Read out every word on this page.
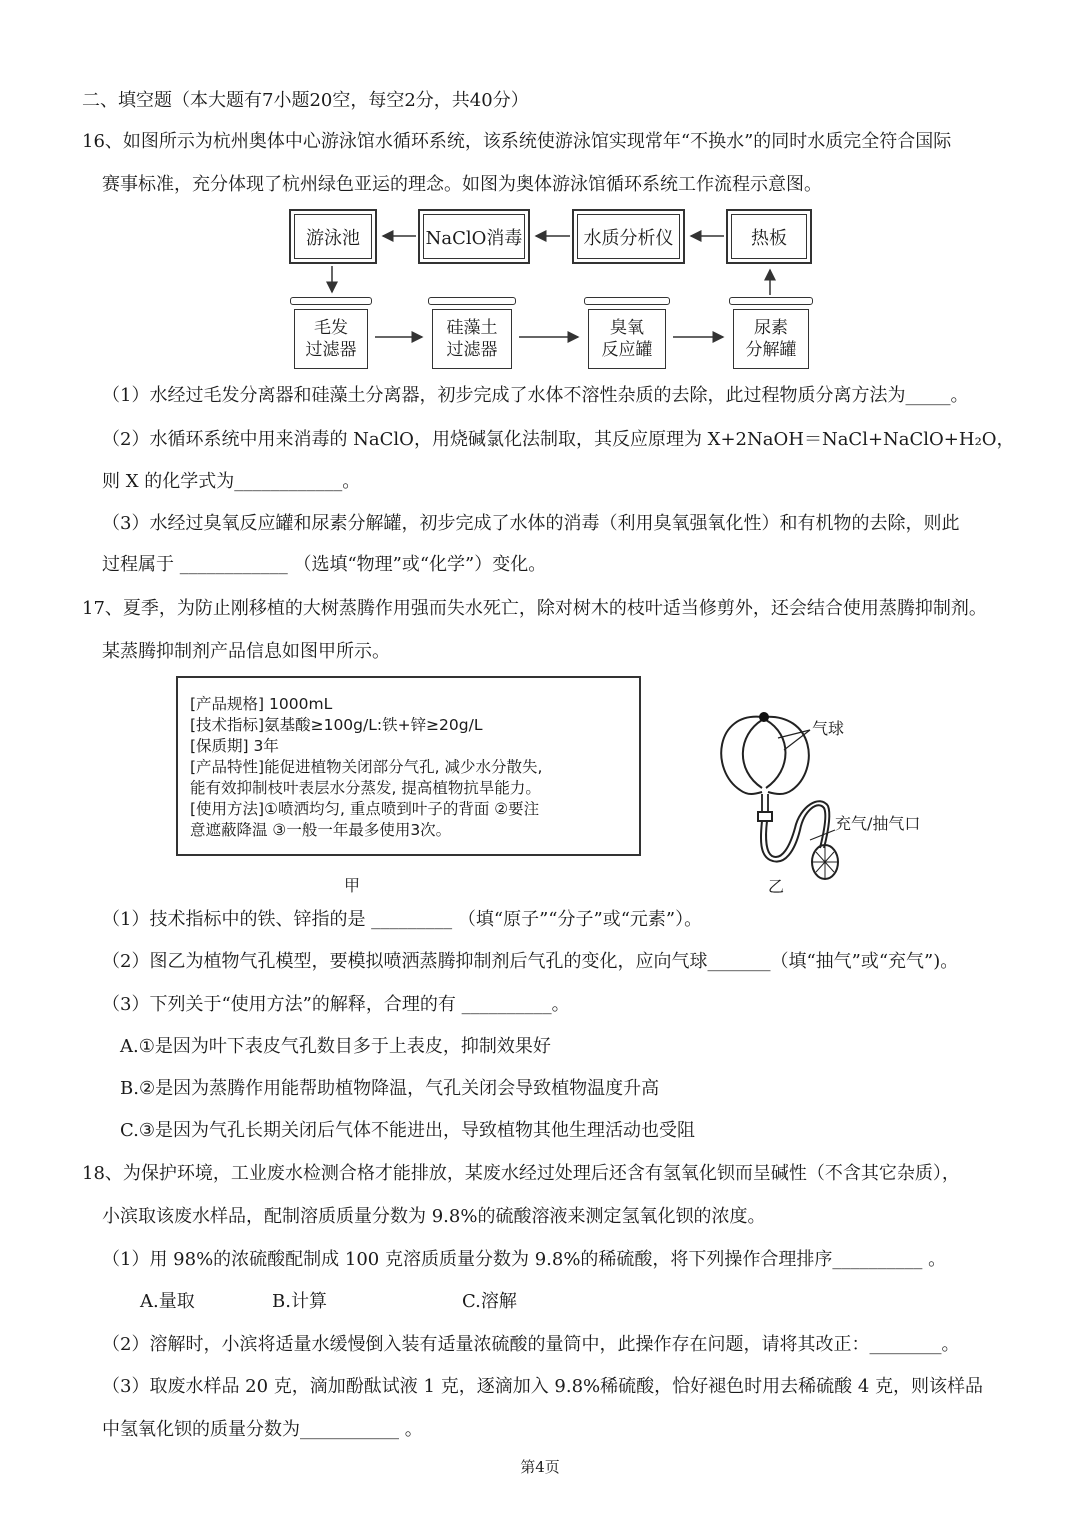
二、填空题（本大题有7小题20空，每空2分，共40分）
16、如图所示为杭州奥体中心游泳馆水循环系统，该系统使游泳馆实现常年“不换水”的同时水质完全符合国际
赛事标准，充分体现了杭州绿色亚运的理念。如图为奥体游泳馆循环系统工作流程示意图。
游泳池	NaClO消毒	水质分析仪	热板
毛发
过滤器
硅藻土
过滤器
臭氧
反应罐
尿素
分解罐
（1）水经过毛发分离器和硅藻土分离器，初步完成了水体不溶性杂质的去除，此过程物质分离方法为_____。
（2）水循环系统中用来消毒的 NaClO，用烧碱氯化法制取，其反应原理为 X+2NaOH＝NaCl+NaClO+H₂O，
则 X 的化学式为____________。
（3）水经过臭氧反应罐和尿素分解罐，初步完成了水体的消毒（利用臭氧强氧化性）和有机物的去除，则此
过程属于 ____________ （选填“物理”或“化学”）变化。
17、夏季，为防止刚移植的大树蒸腾作用强而失水死亡，除对树木的枝叶适当修剪外，还会结合使用蒸腾抑制剂。
某蒸腾抑制剂产品信息如图甲所示。
[产品规格] 1000mL
[技术指标]氨基酸≥100g/L:铁+锌≥20g/L
[保质期] 3年
[产品特性]能促进植物关闭部分气孔, 减少水分散失,
能有效抑制枝叶表层水分蒸发, 提高植物抗旱能力。
[使用方法]①喷洒均匀, 重点喷到叶子的背面 ②要注
意遮蔽降温 ③一般一年最多使用3次。
甲
气球
充气/抽气口
乙
（1）技术指标中的铁、锌指的是 _________ （填“原子”“分子”或“元素”）。
（2）图乙为植物气孔模型，要模拟喷洒蒸腾抑制剂后气孔的变化，应向气球_______（填“抽气”或“充气”)。
（3）下列关于“使用方法”的解释，合理的有 __________。
A.①是因为叶下表皮气孔数目多于上表皮，抑制效果好
B.②是因为蒸腾作用能帮助植物降温，气孔关闭会导致植物温度升高
C.③是因为气孔长期关闭后气体不能进出，导致植物其他生理活动也受阻
18、为保护环境，工业废水检测合格才能排放，某废水经过处理后还含有氢氧化钡而呈碱性（不含其它杂质），
小滨取该废水样品，配制溶质质量分数为 9.8%的硫酸溶液来测定氢氧化钡的浓度。
（1）用 98%的浓硫酸配制成 100 克溶质质量分数为 9.8%的稀硫酸，将下列操作合理排序__________ 。
A.量取	B.计算	C.溶解
（2）溶解时，小滨将适量水缓慢倒入装有适量浓硫酸的量筒中，此操作存在问题，请将其改正：________。
（3）取废水样品 20 克，滴加酚酞试液 1 克，逐滴加入 9.8%稀硫酸，恰好褪色时用去稀硫酸 4 克，则该样品
中氢氧化钡的质量分数为___________ 。
第4页
